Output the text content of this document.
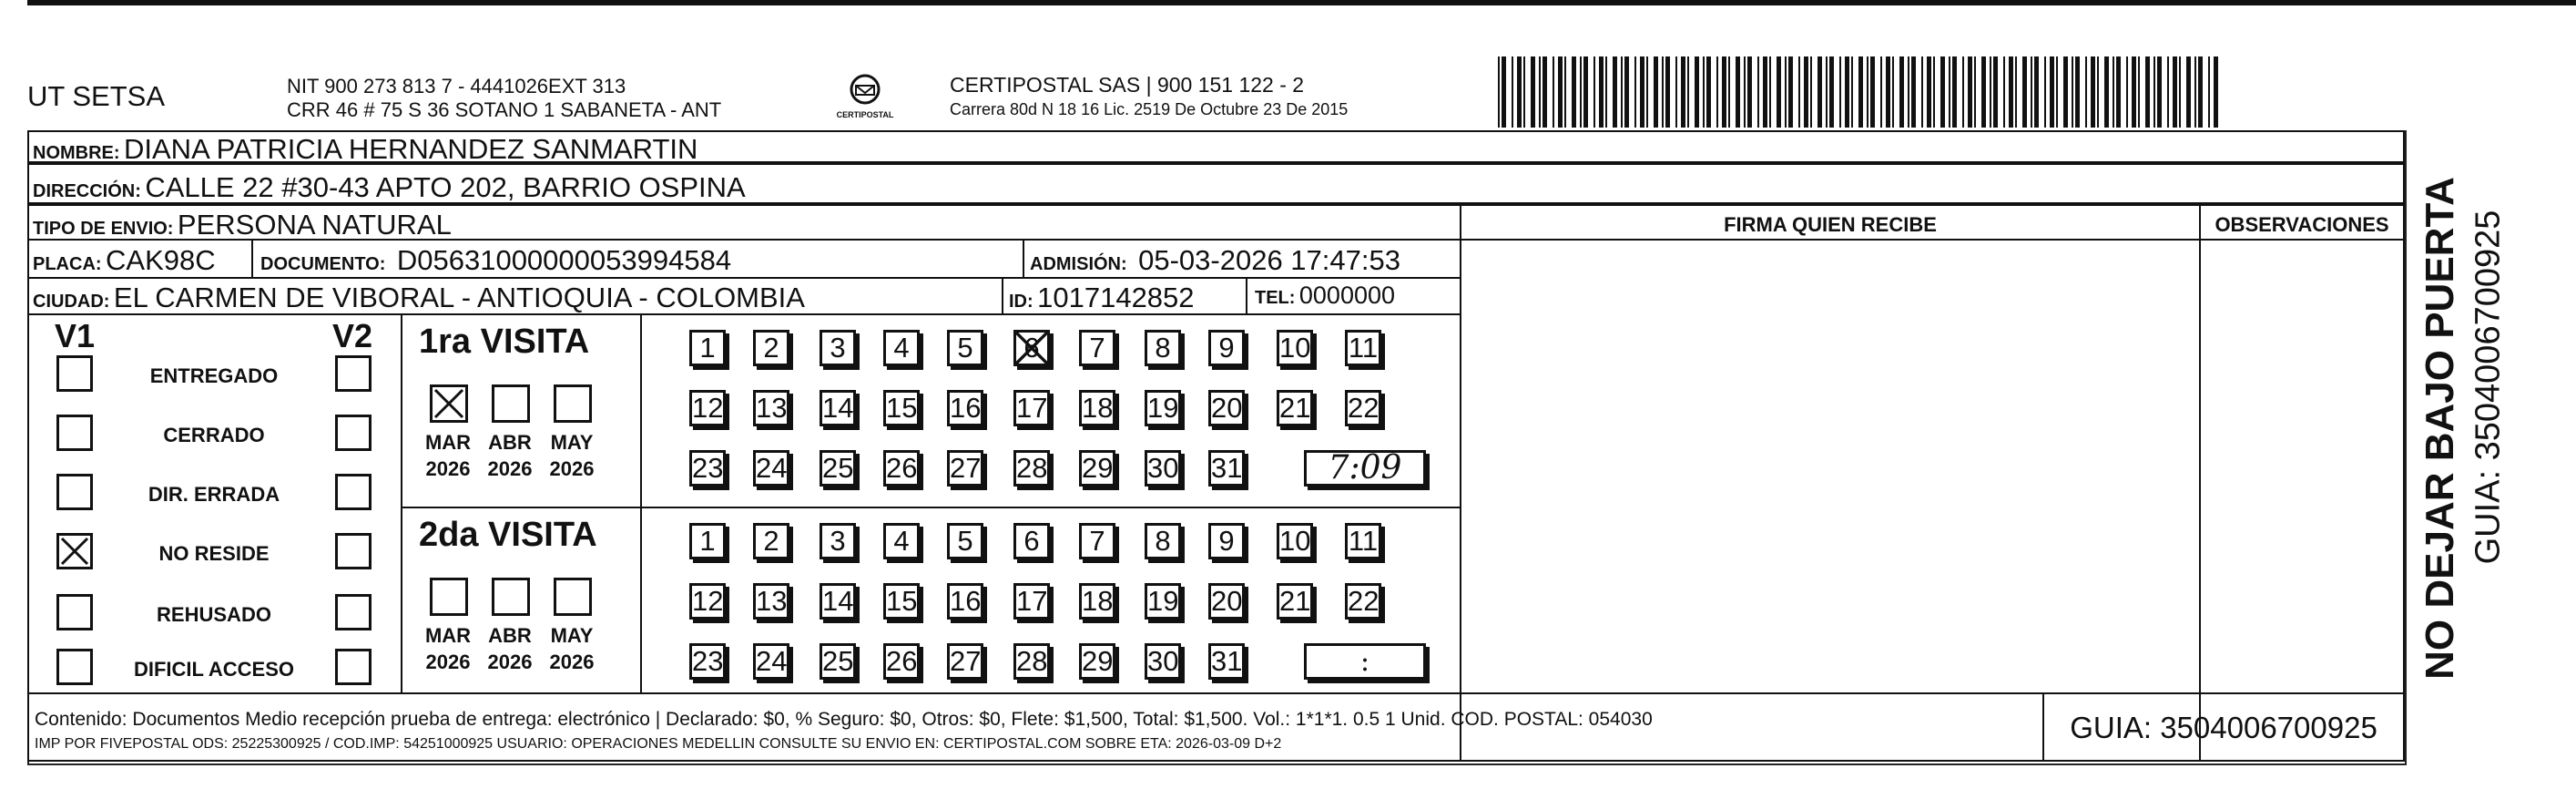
UT SETSA	NIT 900 273 813 7 - 4441026EXT 313
CRR 46 # 75 S 36 SOTANO 1 SABANETA - ANT	CERTIPOSTAL
CERTIPOSTAL SAS | 900 151 122 - 2
Carrera 80d N 18 16 Lic. 2519 De Octubre 23 De 2015
NOMBRE: DIANA PATRICIA HERNANDEZ SANMARTIN
DIRECCIÓN: CALLE 22 #30-43 APTO 202, BARRIO OSPINA
TIPO DE ENVIO: PERSONA NATURAL	FIRMA QUIEN RECIBE	OBSERVACIONES
PLACA: CAK98C DOCUMENTO: D05631000000053994584	ADMISIÓN: 05-03-2026 17:47:53
CIUDAD: EL CARMEN DE VIBORAL - ANTIOQUIA - COLOMBIA	ID: 1017142852	TEL: 0000000
V1	V2
ENTREGADO
CERRADO
DIR. ERRADA
NO RESIDE
REHUSADO
DIFICIL ACCESO
1ra VISITA
MAR
2026
ABR
2026
MAY
2026
1	2	3	4	5	6	7	8	9	10 11
12 13 14 15 16 17 18 19 20 21 22
23 24 25 26 27 28 29 30 31	7:09
2da VISITA
MAR
2026
ABR
2026
MAY
2026
1	2	3	4	5	6	7	8	9	10 11
12 13 14 15 16 17 18 19 20 21 22
23 24 25 26 27 28 29 30 31	:
Contenido: Documentos Medio recepción prueba de entrega: electrónico | Declarado: $0, % Seguro: $0, Otros: $0, Flete: $1,500, Total: $1,500. Vol.: 1*1*1. 0.5 1 Unid. COD. POSTAL: 054030
IMP POR FIVEPOSTAL ODS: 25225300925 / COD.IMP: 54251000925 USUARIO: OPERACIONES MEDELLIN CONSULTE SU ENVIO EN: CERTIPOSTAL.COM SOBRE ETA: 2026-03-09 D+2	GUIA: 3504006700925
NO DEJAR BAJO PUERTA GUIA: 3504006700925
